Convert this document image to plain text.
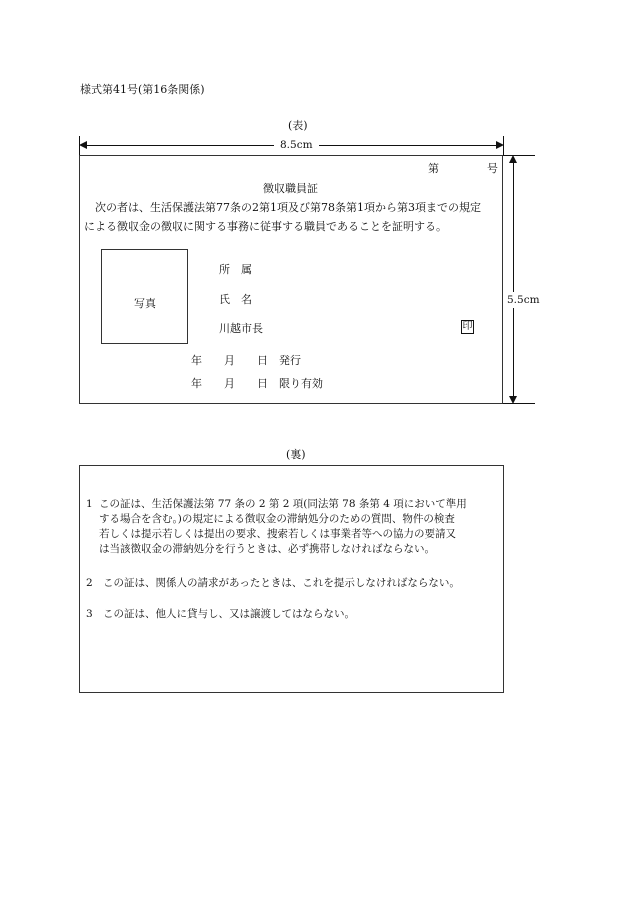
様式第41号(第16条関係)
(表)
8.5cm
第	号
徴収職員証
次の者は、生活保護法第77条の2第1項及び第78条第1項から第3項までの規定
による徴収金の徴収に関する事務に従事する職員であることを証明する。
写真
所　属
氏　名
川越市長	印
年　　月　　日　発行
年　　月　　日　限り有効
5.5cm
(裏)
1 この証は、生活保護法第 77 条の 2 第 2 項(同法第 78 条第 4 項において準用
する場合を含む。)の規定による徴収金の滞納処分のための質問、物件の検査
若しくは提示若しくは提出の要求、捜索若しくは事業者等への協力の要請又
は当該徴収金の滞納処分を行うときは、必ず携帯しなければならない。
2 この証は、関係人の請求があったときは、これを提示しなければならない。
3 この証は、他人に貸与し、又は譲渡してはならない。
